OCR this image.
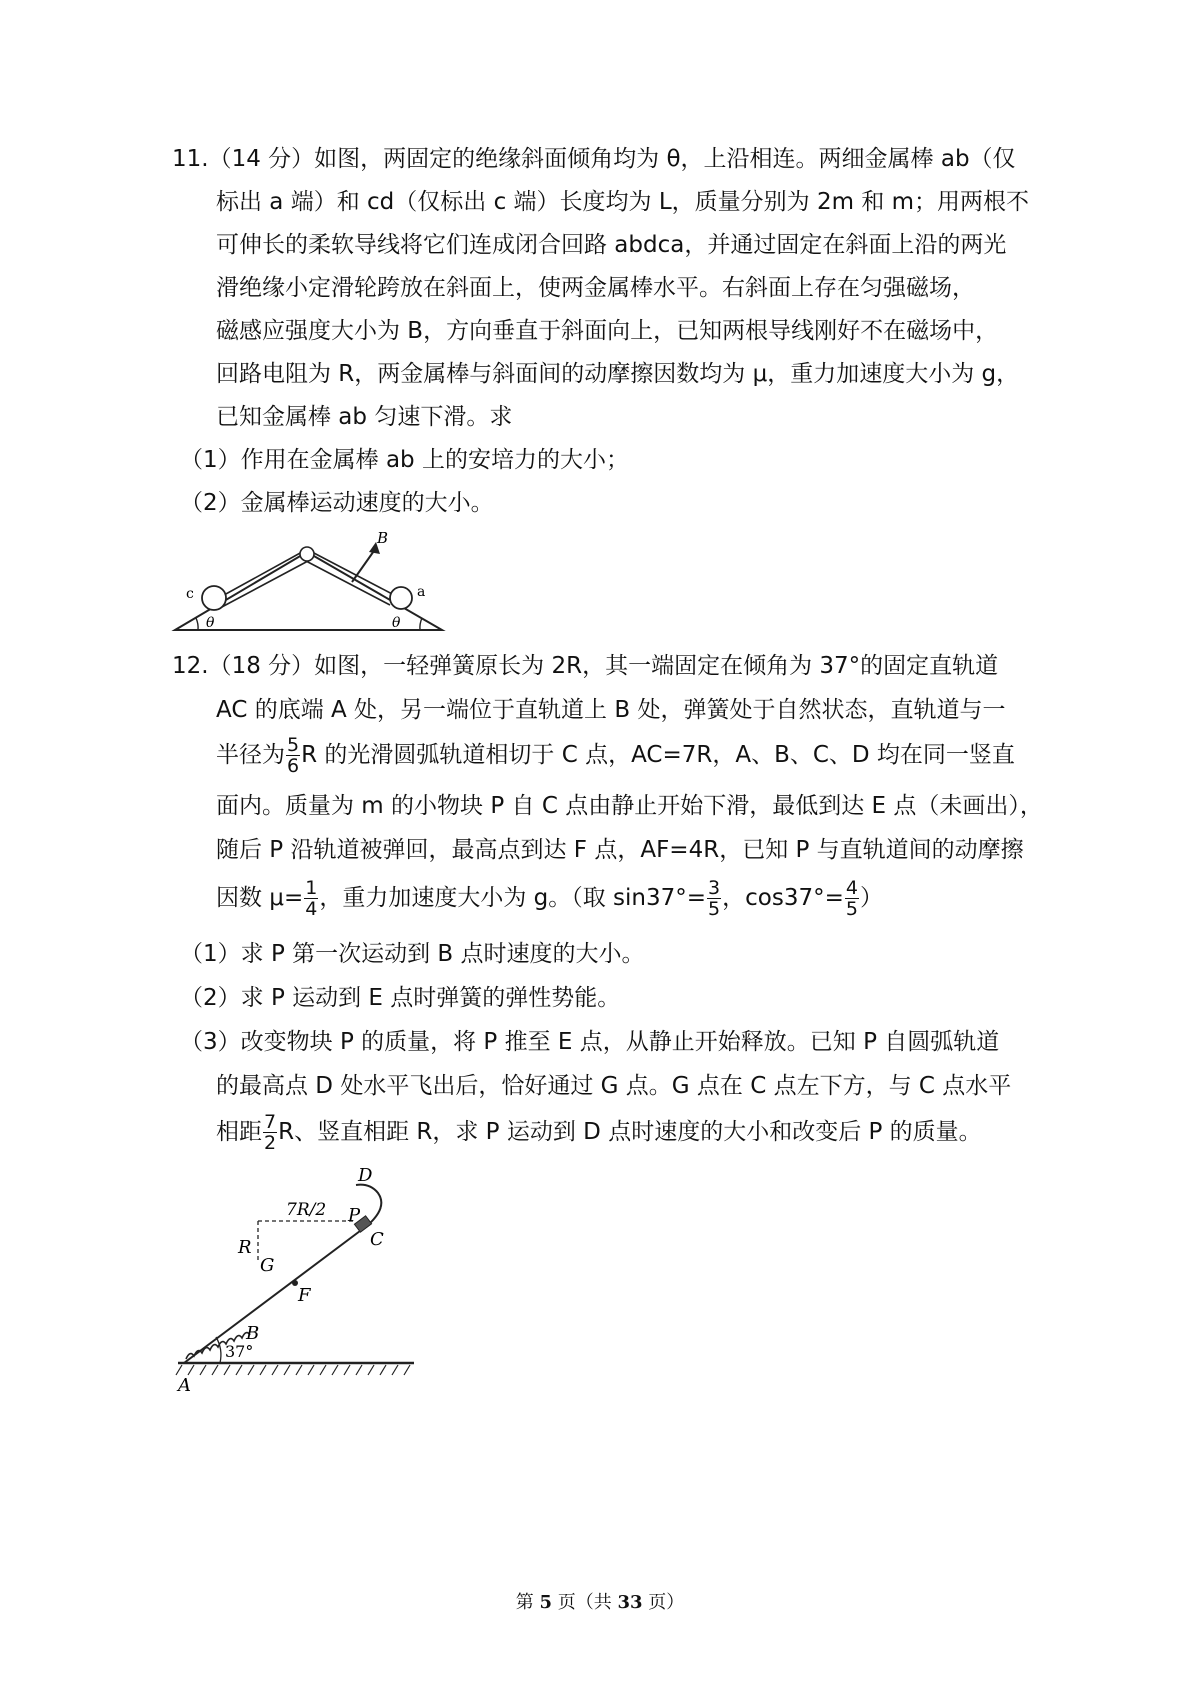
11.（14 分）如图，两固定的绝缘斜面倾角均为 θ，上沿相连。两细金属棒 ab（仅
标出 a 端）和 cd（仅标出 c 端）长度均为 L，质量分别为 2m 和 m；用两根不
可伸长的柔软导线将它们连成闭合回路 abdca，并通过固定在斜面上沿的两光
滑绝缘小定滑轮跨放在斜面上，使两金属棒水平。右斜面上存在匀强磁场，
磁感应强度大小为 B，方向垂直于斜面向上，已知两根导线刚好不在磁场中，
回路电阻为 R，两金属棒与斜面间的动摩擦因数均为 μ，重力加速度大小为 g，
已知金属棒 ab 匀速下滑。求
（1）作用在金属棒 ab 上的安培力的大小；
（2）金属棒运动速度的大小。
B
c	a
θ	θ
12.（18 分）如图，一轻弹簧原长为 2R，其一端固定在倾角为 37°的固定直轨道
AC 的底端 A 处，另一端位于直轨道上 B 处，弹簧处于自然状态，直轨道与一
半径为 $\frac{5}{6}$ R 的光滑圆弧轨道相切于 C 点，AC=7R，A、B、C、D 均在同一竖直
面内。质量为 m 的小物块 P 自 C 点由静止开始下滑，最低到达 E 点（未画出），
随后 P 沿轨道被弹回，最高点到达 F 点，AF=4R，已知 P 与直轨道间的动摩擦
因数 $\mu= \frac{1}{4}$ ，重力加速度大小为 g。（取 $\sin 37^\circ= \frac{3}{5}$ ，$\cos 37^\circ= \frac{4}{5}$ ）
（1）求 P 第一次运动到 B 点时速度的大小。
（2）求 P 运动到 E 点时弹簧的弹性势能。
（3）改变物块 P 的质量，将 P 推至 E 点，从静止开始释放。已知 P 自圆弧轨道
的最高点 D 处水平飞出后，恰好通过 G 点。G 点在 C 点左下方，与 C 点水平
相距 $\frac{7}{2}$ R、竖直相距 R，求 P 运动到 D 点时速度的大小和改变后 P 的质量。
D
7R/2 P
C
R
G
F
B
37°
A
第 5 页（共 33 页）
